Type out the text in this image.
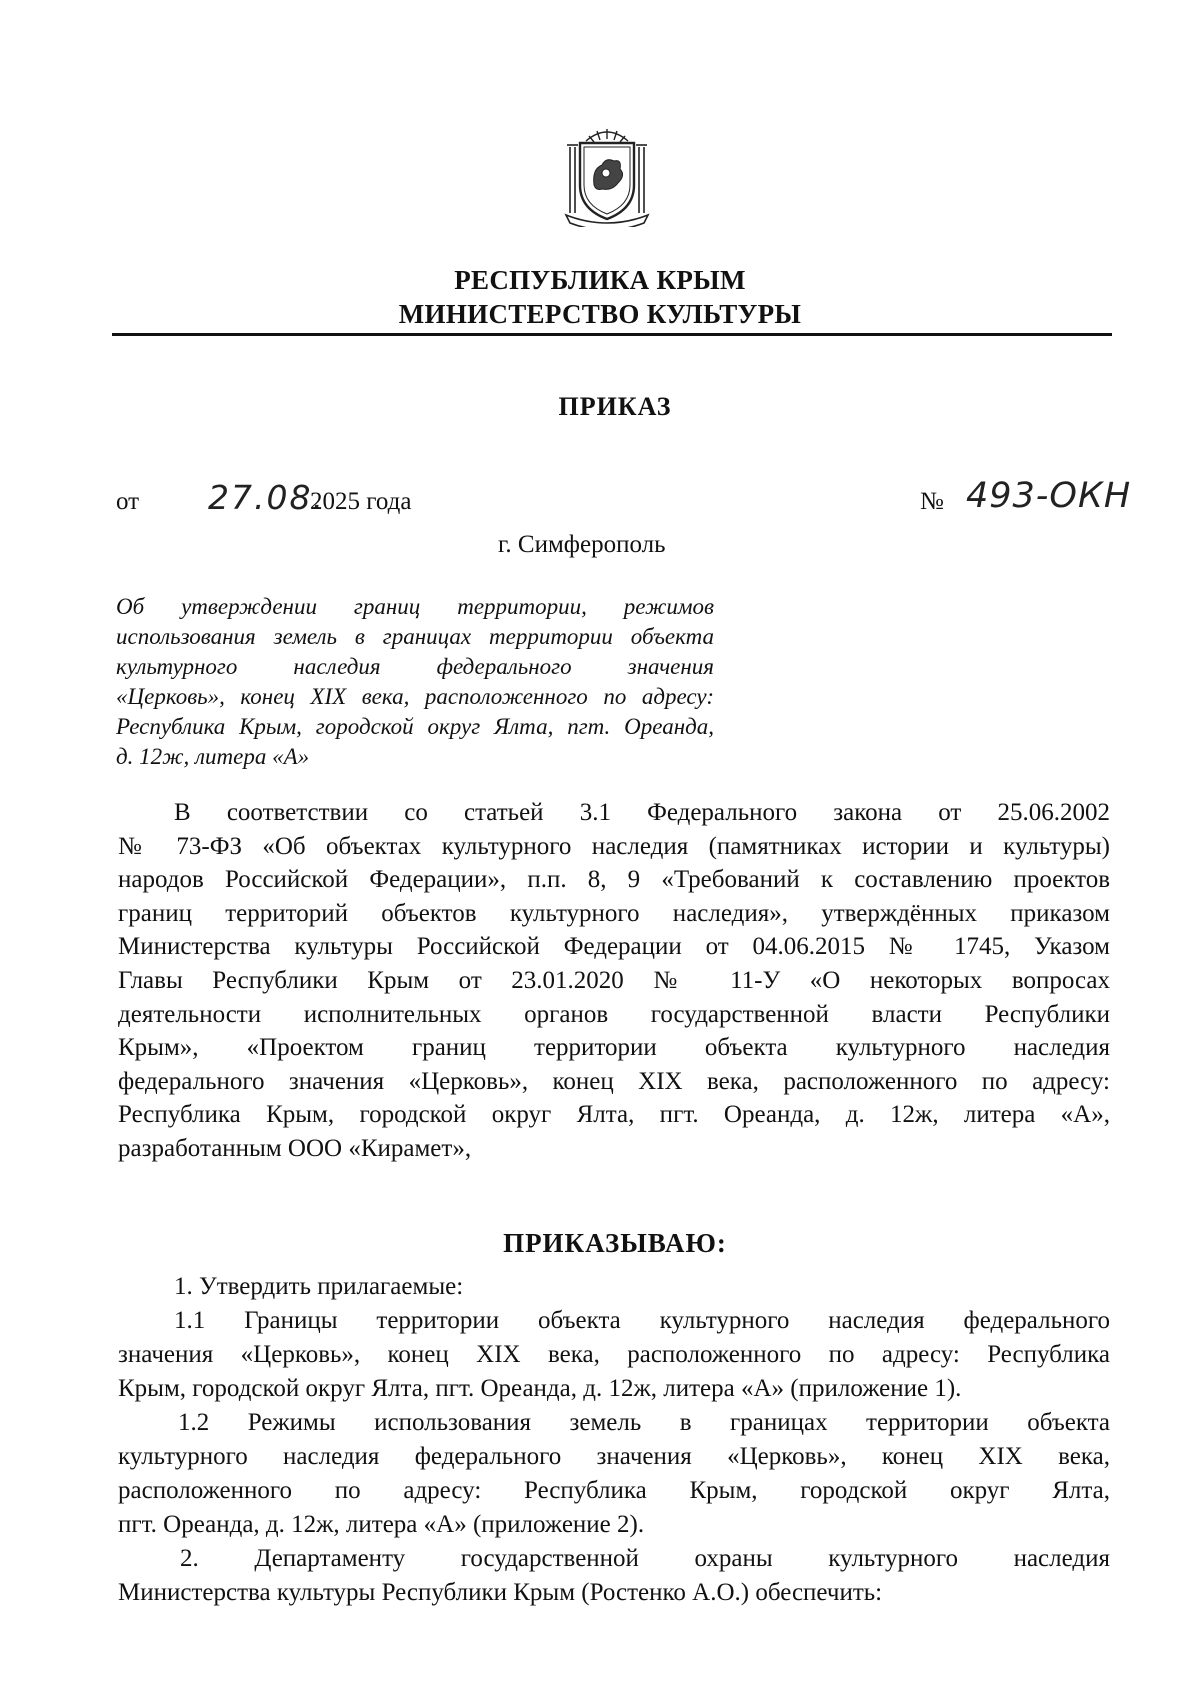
РЕСПУБЛИКА КРЫМ
МИНИСТЕРСТВО КУЛЬТУРЫ
ПРИКАЗ
от 27.08.
2025 года	№ 493-ОКН
г. Симферополь
Об утверждении границ территории, режимов
использования земель в границах территории объекта
культурного наследия федерального значения
«Церковь», конец XIX века, расположенного по адресу:
Республика Крым, городской округ Ялта, пгт. Ореанда,
д. 12ж, литера «А»
В соответствии со статьей 3.1 Федерального закона от 25.06.2002
№ 73-ФЗ «Об объектах культурного наследия (памятниках истории и культуры)
народов Российской Федерации», п.п. 8, 9 «Требований к составлению проектов
границ территорий объектов культурного наследия», утверждённых приказом
Министерства культуры Российской Федерации от 04.06.2015 № 1745, Указом
Главы Республики Крым от 23.01.2020 № 11-У «О некоторых вопросах
деятельности исполнительных органов государственной власти Республики
Крым», «Проектом границ территории объекта культурного наследия
федерального значения «Церковь», конец XIX века, расположенного по адресу:
Республика Крым, городской округ Ялта, пгт. Ореанда, д. 12ж, литера «А»,
разработанным ООО «Кирамет»,
ПРИКАЗЫВАЮ:
1. Утвердить прилагаемые:
1.1 Границы территории объекта культурного наследия федерального
значения «Церковь», конец XIX века, расположенного по адресу: Республика
Крым, городской округ Ялта, пгт. Ореанда, д. 12ж, литера «А» (приложение 1).
1.2 Режимы использования земель в границах территории объекта
культурного наследия федерального значения «Церковь», конец XIX века,
расположенного по адресу: Республика Крым, городской округ Ялта,
пгт. Ореанда, д. 12ж, литера «А» (приложение 2).
2. Департаменту государственной охраны культурного наследия
Министерства культуры Республики Крым (Ростенко А.О.) обеспечить:
